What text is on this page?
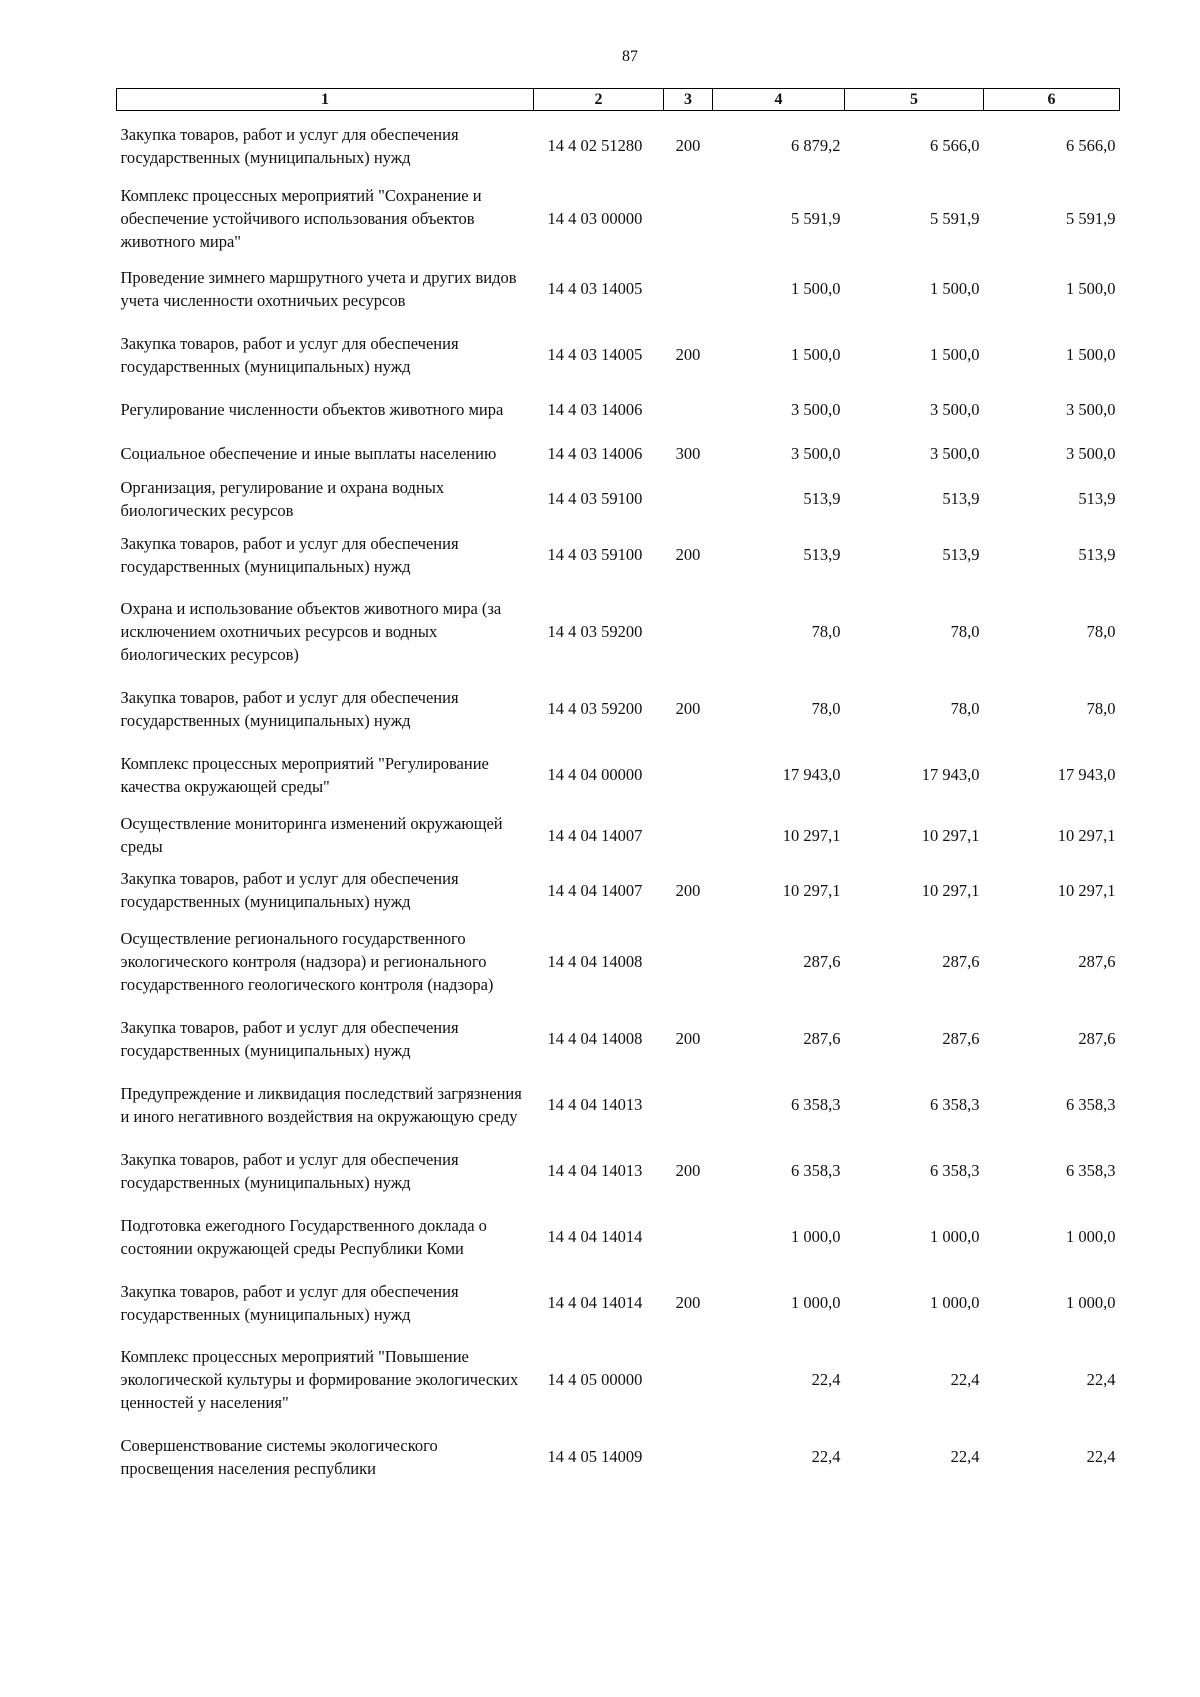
87
1	2	3	4	5	6
Закупка товаров, работ и услуг для обеспечения государственных (муниципальных) нужд	14 4 02 51280	200	6 879,2	6 566,0	6 566,0
Комплекс процессных мероприятий "Сохранение и обеспечение устойчивого использования объектов животного мира"	14 4 03 00000		5 591,9	5 591,9	5 591,9
Проведение зимнего маршрутного учета и других видов учета численности охотничьих ресурсов	14 4 03 14005		1 500,0	1 500,0	1 500,0
Закупка товаров, работ и услуг для обеспечения государственных (муниципальных) нужд	14 4 03 14005	200	1 500,0	1 500,0	1 500,0
Регулирование численности объектов животного мира	14 4 03 14006		3 500,0	3 500,0	3 500,0
Социальное обеспечение и иные выплаты населению	14 4 03 14006	300	3 500,0	3 500,0	3 500,0
Организация, регулирование и охрана водных биологических ресурсов	14 4 03 59100		513,9	513,9	513,9
Закупка товаров, работ и услуг для обеспечения государственных (муниципальных) нужд	14 4 03 59100	200	513,9	513,9	513,9
Охрана и использование объектов животного мира (за исключением охотничьих ресурсов и водных биологических ресурсов)	14 4 03 59200		78,0	78,0	78,0
Закупка товаров, работ и услуг для обеспечения государственных (муниципальных) нужд	14 4 03 59200	200	78,0	78,0	78,0
Комплекс процессных мероприятий "Регулирование качества окружающей среды"	14 4 04 00000		17 943,0	17 943,0	17 943,0
Осуществление мониторинга изменений окружающей среды	14 4 04 14007		10 297,1	10 297,1	10 297,1
Закупка товаров, работ и услуг для обеспечения государственных (муниципальных) нужд	14 4 04 14007	200	10 297,1	10 297,1	10 297,1
Осуществление регионального государственного экологического контроля (надзора) и регионального государственного геологического контроля (надзора)	14 4 04 14008		287,6	287,6	287,6
Закупка товаров, работ и услуг для обеспечения государственных (муниципальных) нужд	14 4 04 14008	200	287,6	287,6	287,6
Предупреждение и ликвидация последствий загрязнения и иного негативного воздействия на окружающую среду	14 4 04 14013		6 358,3	6 358,3	6 358,3
Закупка товаров, работ и услуг для обеспечения государственных (муниципальных) нужд	14 4 04 14013	200	6 358,3	6 358,3	6 358,3
Подготовка ежегодного Государственного доклада о состоянии окружающей среды Республики Коми	14 4 04 14014		1 000,0	1 000,0	1 000,0
Закупка товаров, работ и услуг для обеспечения государственных (муниципальных) нужд	14 4 04 14014	200	1 000,0	1 000,0	1 000,0
Комплекс процессных мероприятий "Повышение экологической культуры и формирование экологических ценностей у населения"	14 4 05 00000		22,4	22,4	22,4
Совершенствование системы экологического просвещения населения республики	14 4 05 14009		22,4	22,4	22,4
